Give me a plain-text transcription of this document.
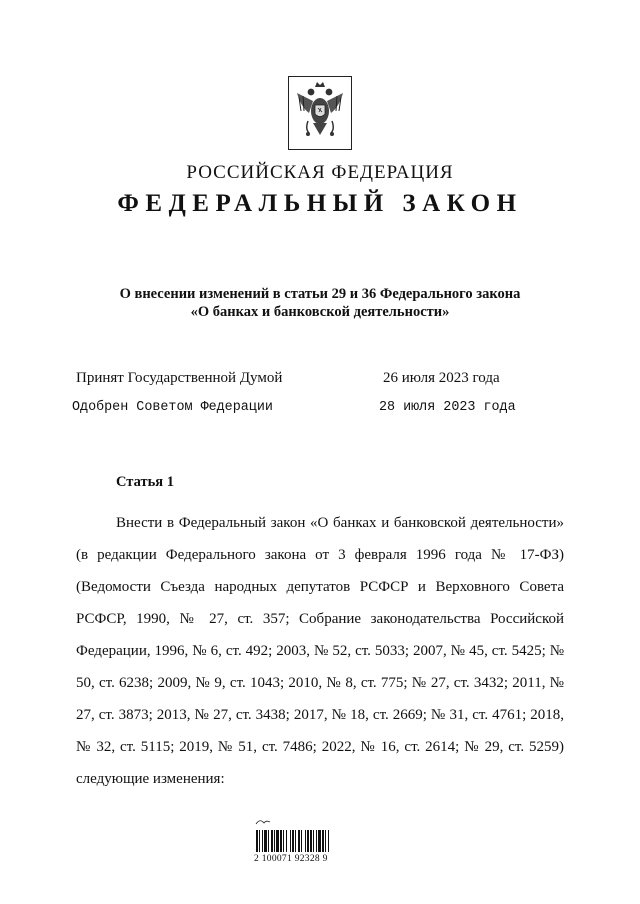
РОССИЙСКАЯ ФЕДЕРАЦИЯ
ФЕДЕРАЛЬНЫЙ ЗАКОН
О внесении изменений в статьи 29 и 36 Федерального закона
«О банках и банковской деятельности»
Принят Государственной Думой	26 июля 2023 года
Одобрен Советом Федерации	28 июля 2023 года
Статья 1
Внести в Федеральный закон «О банках и банковской деятельности» (в редакции Федерального закона от 3 февраля 1996 года № 17-ФЗ) (Ведомости Съезда народных депутатов РСФСР и Верховного Совета РСФСР, 1990, № 27, ст. 357; Собрание законодательства Российской Федерации, 1996, № 6, ст. 492; 2003, № 52, ст. 5033; 2007, № 45, ст. 5425; № 50, ст. 6238; 2009, № 9, ст. 1043; 2010, № 8, ст. 775; № 27, ст. 3432; 2011, № 27, ст. 3873; 2013, № 27, ст. 3438; 2017, № 18, ст. 2669; № 31, ст. 4761; 2018, № 32, ст. 5115; 2019, № 51, ст. 7486; 2022, № 16, ст. 2614; № 29, ст. 5259) следующие изменения:
2 100071 92328 9
